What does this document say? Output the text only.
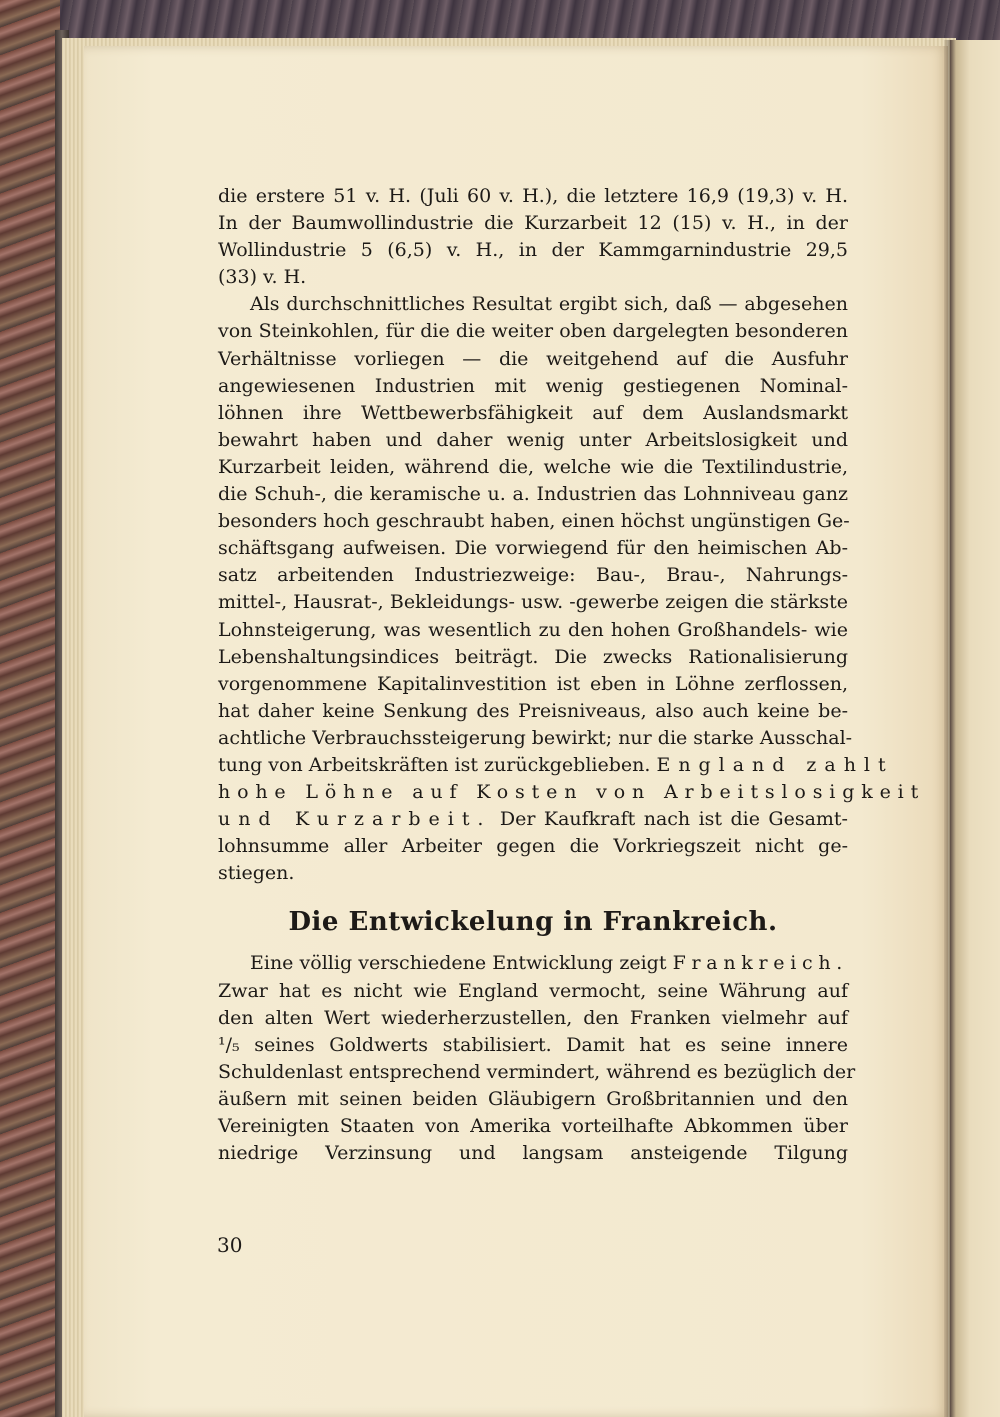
die erstere 51 v. H. (Juli 60 v. H.), die letztere 16,9 (19,3) v. H.
In der Baumwollindustrie die Kurzarbeit 12 (15) v. H., in der
Wollindustrie 5 (6,5) v. H., in der Kammgarnindustrie 29,5
(33) v. H.
Als durchschnittliches Resultat ergibt sich, daß — abgesehen
von Steinkohlen, für die die weiter oben dargelegten besonderen
Verhältnisse vorliegen — die weitgehend auf die Ausfuhr
angewiesenen Industrien mit wenig gestiegenen Nominal-
löhnen ihre Wettbewerbsfähigkeit auf dem Auslandsmarkt
bewahrt haben und daher wenig unter Arbeitslosigkeit und
Kurzarbeit leiden, während die, welche wie die Textilindustrie,
die Schuh-, die keramische u. a. Industrien das Lohnniveau ganz
besonders hoch geschraubt haben, einen höchst ungünstigen Ge-
schäftsgang aufweisen. Die vorwiegend für den heimischen Ab-
satz arbeitenden Industriezweige: Bau-, Brau-, Nahrungs-
mittel-, Hausrat-, Bekleidungs- usw. -gewerbe zeigen die stärkste
Lohnsteigerung, was wesentlich zu den hohen Großhandels- wie
Lebenshaltungsindices beiträgt. Die zwecks Rationalisierung
vorgenommene Kapitalinvestition ist eben in Löhne zerflossen,
hat daher keine Senkung des Preisniveaus, also auch keine be-
achtliche Verbrauchssteigerung bewirkt; nur die starke Ausschal-
tung von Arbeitskräften ist zurückgeblieben. England zahlt
hohe Löhne auf Kosten von Arbeitslosigkeit
und Kurzarbeit. Der Kaufkraft nach ist die Gesamt-
lohnsumme aller Arbeiter gegen die Vorkriegszeit nicht ge-
stiegen.
Die Entwickelung in Frankreich.
Eine völlig verschiedene Entwicklung zeigt Frankreich.
Zwar hat es nicht wie England vermocht, seine Währung auf
den alten Wert wiederherzustellen, den Franken vielmehr auf
¹/₅ seines Goldwerts stabilisiert. Damit hat es seine innere
Schuldenlast entsprechend vermindert, während es bezüglich der
äußern mit seinen beiden Gläubigern Großbritannien und den
Vereinigten Staaten von Amerika vorteilhafte Abkommen über
niedrige Verzinsung und langsam ansteigende Tilgung
30
